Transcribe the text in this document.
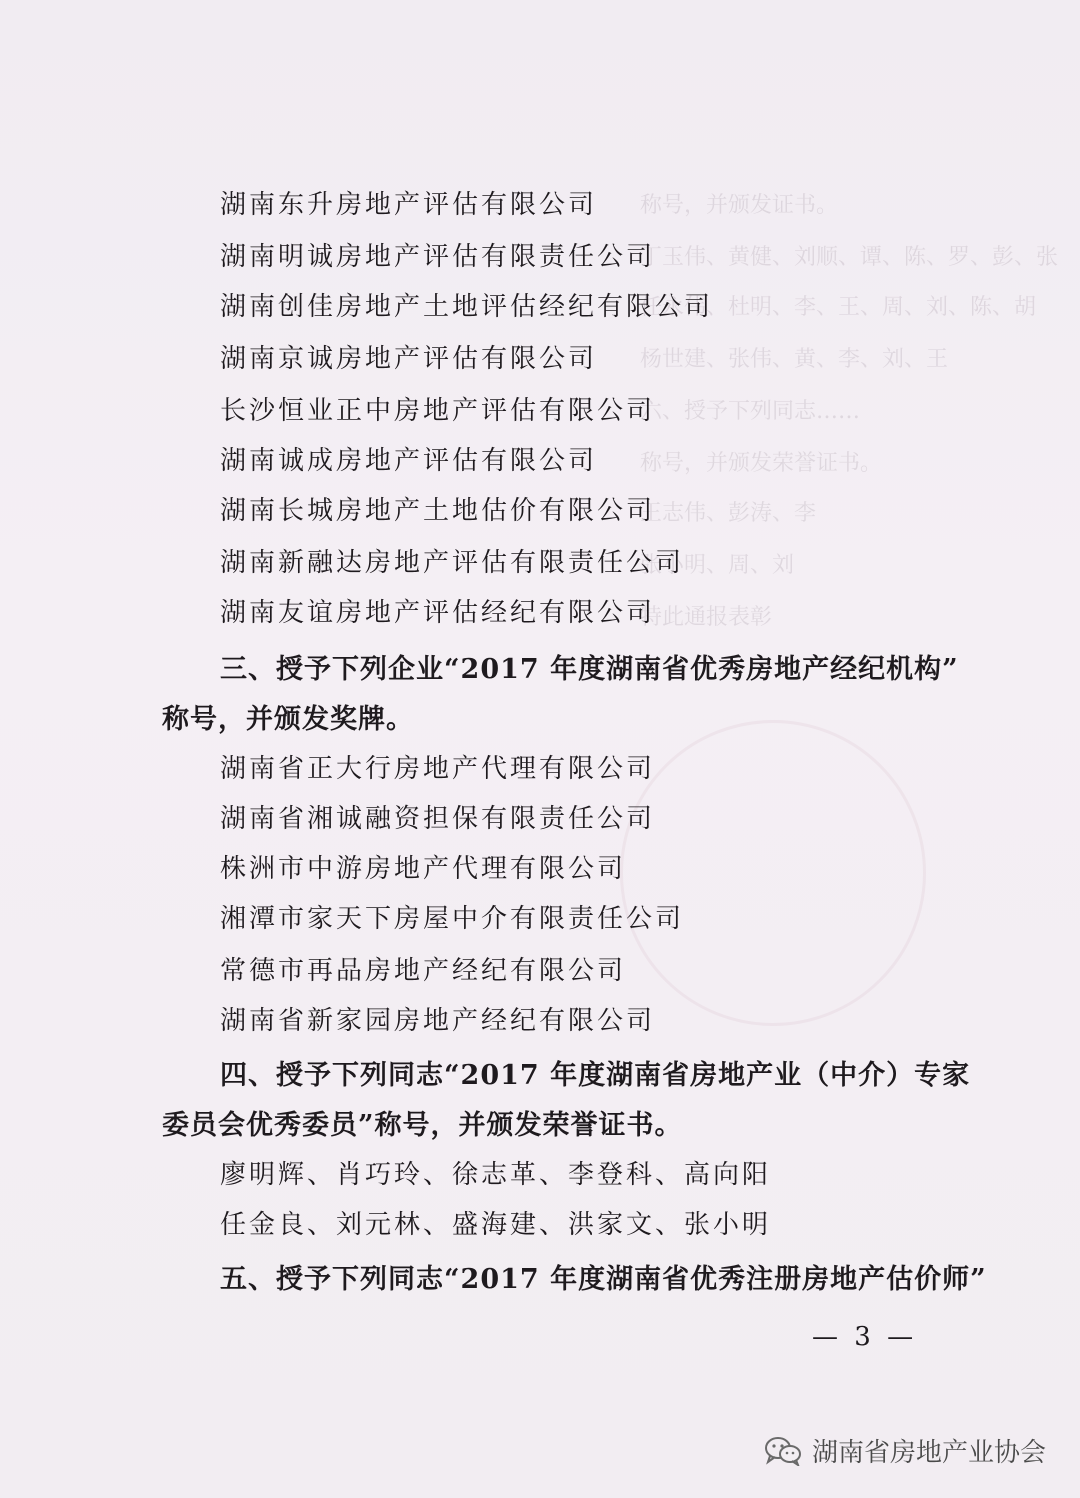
称号，并颁发证书。
丁玉伟、黄健、刘顺、谭、陈、罗、彭、张
任永伟、杜明、李、王、周、刘、陈、胡
杨世建、张伟、黄、李、刘、王
六、授予下列同志……
称号，并颁发荣誉证书。
王志伟、彭涛、李
张小明、周、刘
特此通报表彰
湖南东升房地产评估有限公司
湖南明诚房地产评估有限责任公司
湖南创佳房地产土地评估经纪有限公司
湖南京诚房地产评估有限公司
长沙恒业正中房地产评估有限公司
湖南诚成房地产评估有限公司
湖南长城房地产土地估价有限公司
湖南新融达房地产评估有限责任公司
湖南友谊房地产评估经纪有限公司
三、授予下列企业“2017 年度湖南省优秀房地产经纪机构”
称号，并颁发奖牌。
湖南省正大行房地产代理有限公司
湖南省湘诚融资担保有限责任公司
株洲市中游房地产代理有限公司
湘潭市家天下房屋中介有限责任公司
常德市再品房地产经纪有限公司
湖南省新家园房地产经纪有限公司
四、授予下列同志“2017 年度湖南省房地产业（中介）专家
委员会优秀委员”称号，并颁发荣誉证书。
廖明辉、肖巧玲、徐志革、李登科、高向阳
任金良、刘元林、盛海建、洪家文、张小明
五、授予下列同志“2017 年度湖南省优秀注册房地产估价师”
— 3 —
湖南省房地产业协会
